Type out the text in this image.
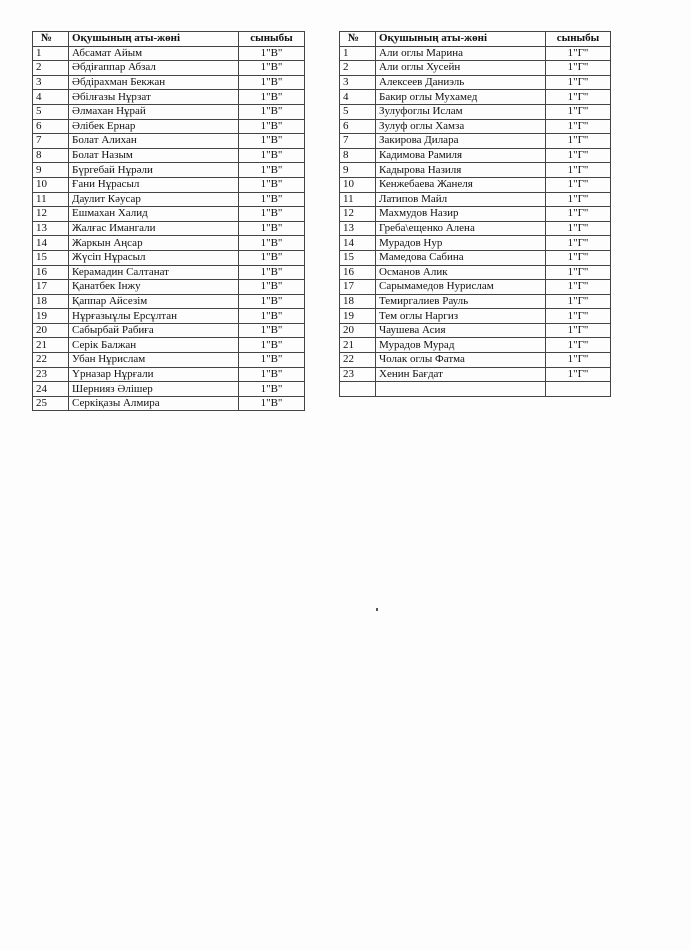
№	Оқушының аты-жөні	сыныбы
1	Абсамат Айым	1"В"
2	Әбдіғаппар Абзал	1"В"
3	Әбдірахман Бекжан	1"В"
4	Әбілғазы Нұрзат	1"В"
5	Әлмахан Нұрай	1"В"
6	Әлібек Ернар	1"В"
7	Болат Алихан	1"В"
8	Болат Назым	1"В"
9	Бүргебай Нұрәли	1"В"
10	Ғани Нұрасыл	1"В"
11	Даулит Кәусар	1"В"
12	Ешмахан Халид	1"В"
13	Жалғас Имангали	1"В"
14	Жаркын Аңсар	1"В"
15	Жүсіп Нұрасыл	1"В"
16	Керамадин Салтанат	1"В"
17	Қанатбек Інжу	1"В"
18	Қаппар Айсезім	1"В"
19	Нұрғазыұлы Ерсұлтан	1"В"
20	Сабырбай Рабиға	1"В"
21	Серік Балжан	1"В"
22	Убан Нұрислам	1"В"
23	Үрназар Нұрғали	1"В"
24	Шернияз Әлішер	1"В"
25	Серкіқазы Алмира	1"В"
№	Оқушының аты-жөні	сыныбы
1	Али оглы Марина	1"Г"
2	Али оглы Хусейн	1"Г"
3	Алексеев Даниэль	1"Г"
4	Бакир оглы Мухамед	1"Г"
5	Зулуфоглы Ислам	1"Г"
6	Зулуф оглы Хамза	1"Г"
7	Закирова Дилара	1"Г"
8	Кадимова Рамиля	1"Г"
9	Кадырова Назиля	1"Г"
10	Кенжебаева Жанеля	1"Г"
11	Латипов Майл	1"Г"
12	Махмудов Назир	1"Г"
13	Греба\ещенко Алена	1"Г"
14	Мурадов Нур	1"Г"
15	Мамедова Сабина	1"Г"
16	Османов Алик	1"Г"
17	Сарымамедов Нурислам	1"Г"
18	Темиргалиев Рауль	1"Г"
19	Тем оглы Наргиз	1"Г"
20	Чаушева Асия	1"Г"
21	Мурадов Мурад	1"Г"
22	Чолак оглы Фатма	1"Г"
23	Хенин Бағдат	1"Г"
